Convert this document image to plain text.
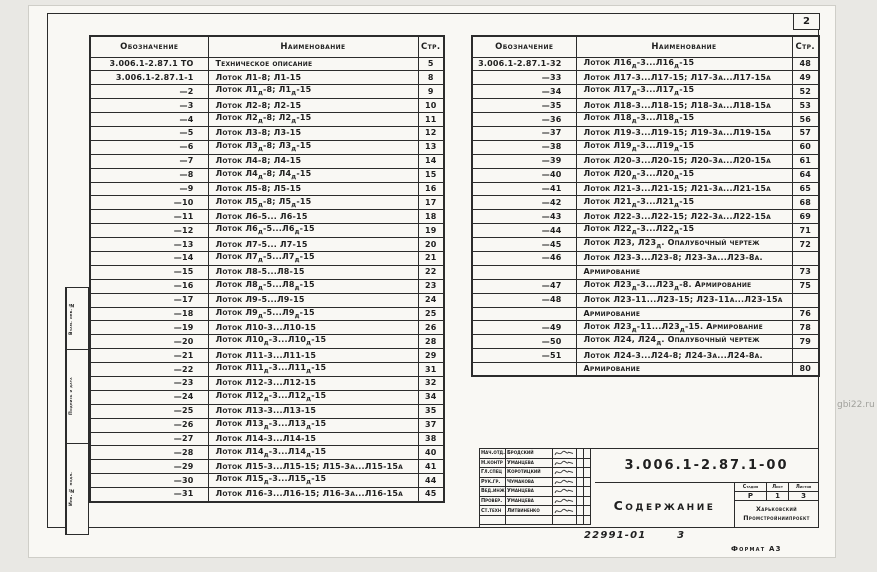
2
Обозначение	Наименование	Стр.
3.006.1-2.87.1 ТО	Техническое описание	5
3.006.1-2.87.1-1	Лоток Л1-8; Л1-15	8
—2	Лоток $Л1_д-8$; $Л1_д-15$	9
—3	Лоток Л2-8; Л2-15	10
—4	Лоток $Л2_д-8$; $Л2_д-15$	11
—5	Лоток Л3-8; Л3-15	12
—6	Лоток $Л3_д-8$; $Л3_д-15$	13
—7	Лоток Л4-8; Л4-15	14
—8	Лоток $Л4_д-8$; $Л4_д-15$	15
—9	Лоток Л5-8; Л5-15	16
—10	Лоток $Л5_д-8$; $Л5_д-15$	17
—11	Лоток Л6-5... Л6-15	18
—12	Лоток $Л6_д-5...Л6_д-15$	19
—13	Лоток Л7-5... Л7-15	20
—14	Лоток $Л7_д-5...Л7_д-15$	21
—15	Лоток Л8-5...Л8-15	22
—16	Лоток $Л8_д-5...Л8_д-15$	23
—17	Лоток Л9-5...Л9-15	24
—18	Лоток $Л9_д-5...Л9_д-15$	25
—19	Лоток Л10-3...Л10-15	26
—20	Лоток $Л10_д-3...Л10_д-15$	28
—21	Лоток Л11-3...Л11-15	29
—22	Лоток $Л11_д-3...Л11_д-15$	31
—23	Лоток Л12-3...Л12-15	32
—24	Лоток $Л12_д-3...Л12_д-15$	34
—25	Лоток Л13-3...Л13-15	35
—26	Лоток $Л13_д-3...Л13_д-15$	37
—27	Лоток Л14-3...Л14-15	38
—28	Лоток $Л14_д-3...Л14_д-15$	40
—29	Лоток Л15-3...Л15-15; Л15-3а...Л15-15а	41
—30	Лоток $Л15_д-3...Л15_д-15$	44
—31	Лоток Л16-3...Л16-15; Л16-3а...Л16-15а	45
Обозначение	Наименование	Стр.
3.006.1-2.87.1-32	Лоток $Л16_д-3...Л16_д-15$	48
—33	Лоток Л17-3...Л17-15; Л17-3а...Л17-15а	49
—34	Лоток $Л17_д-3...Л17_д-15$	52
—35	Лоток Л18-3...Л18-15; Л18-3а...Л18-15а	53
—36	Лоток $Л18_д-3...Л18_д-15$	56
—37	Лоток Л19-3...Л19-15; Л19-3а...Л19-15а	57
—38	Лоток $Л19_д-3...Л19_д-15$	60
—39	Лоток Л20-3...Л20-15; Л20-3а...Л20-15а	61
—40	Лоток $Л20_д-3...Л20_д-15$	64
—41	Лоток Л21-3...Л21-15; Л21-3а...Л21-15а	65
—42	Лоток $Л21_д-3...Л21_д-15$	68
—43	Лоток Л22-3...Л22-15; Л22-3а...Л22-15а	69
—44	Лоток $Л22_д-3...Л22_д-15$	71
—45	Лоток Л23, $Л23_д$. Опалубочный чертеж	72
—46	Лоток Л23-3...Л23-8; Л23-3а...Л23-8а.	
	Армирование	73
—47	Лоток $Л23_д-3...Л23_д-8$. Армирование	75
—48	Лоток Л23-11...Л23-15; Л23-11а...Л23-15а	
	Армирование	76
—49	Лоток $Л23_д-11...Л23_д-15$. Армирование	78
—50	Лоток Л24, $Л24_д$. Опалубочный чертеж	79
—51	Лоток Л24-3...Л24-8; Л24-3а...Л24-8а.	
	Армирование	80
Взам. инв. №
Подпись и дата
Инв. № подл.
Нач.отд. Бродский
Н.контр Уманцева
Гл.спец Коротицкий
Рук.гр.	Чумакова
Вед.инж Уманцева
Провер. Уманцева
Ст.техн	Литвиненко
3.006.1-2.87.1-00
Содержание
Стадия	Лист	Листов
Р	1	3
Харьковский Промстройниипроект
22991-01	3
Формат А3
gbi22.ru
